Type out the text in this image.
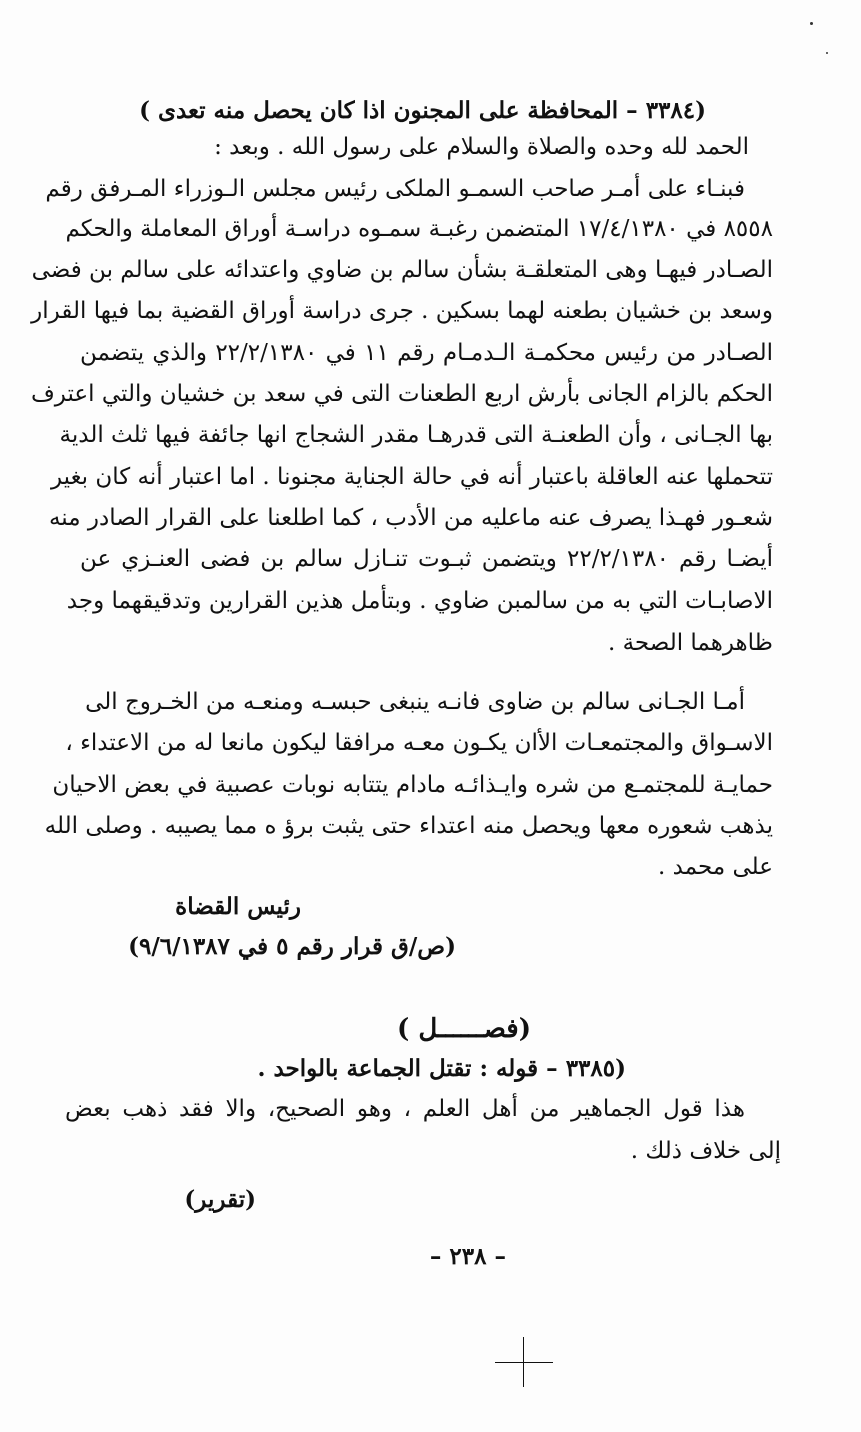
(٣٣٨٤ – المحافظة على المجنون اذا كان يحصل منه تعدى )
الحمد لله وحده والصلاة والسلام على رسول الله . وبعد :
فبنـاء على أمـر صاحب السمـو الملكى رئيس مجلس الـوزراء المـرفق رقم
٨٥٥٨ في ١٧/٤/١٣٨٠ المتضمن رغبـة سمـوه دراسـة أوراق المعاملة والحكم
الصـادر فيهـا وهى المتعلقـة بشأن سالم بن ضاوي واعتدائه على سالم بن فضى
وسعد بن خشيان بطعنه لهما بسكين . جرى دراسة أوراق القضية بما فيها القرار
الصـادر من رئيس محكمـة الـدمـام رقم ١١ في ٢٢/٢/١٣٨٠ والذي يتضمن
الحكم بالزام الجانى بأرش اربع الطعنات التى في سعد بن خشيان والتي اعترف
بها الجـانى ، وأن الطعنـة التى قدرهـا مقدر الشجاج انها جائفة فيها ثلث الدية
تتحملها عنه العاقلة باعتبار أنه في حالة الجناية مجنونا . اما اعتبار أنه كان بغير
شعـور فهـذا يصرف عنه ماعليه من الأدب ، كما اطلعنا على القرار الصادر منه
أيضـا رقم ٢٢/٢/١٣٨٠ ويتضمن ثبـوت تنـازل سالم بن فضى العنـزي عن
الاصابـات التي به من سالمبن ضاوي . وبتأمل هذين القرارين وتدقيقهما وجد
ظاهرهما الصحة .
أمـا الجـانى سالم بن ضاوى فانـه ينبغى حبسـه ومنعـه من الخـروج الى
الاسـواق والمجتمعـات الأان يكـون معـه مرافقا ليكون مانعا له من الاعتداء ،
حمايـة للمجتمـع من شره وايـذائـه مادام يتتابه نوبات عصبية في بعض الاحيان
يذهب شعوره معها ويحصل منه اعتداء حتى يثبت برؤ ه مما يصيبه . وصلى الله
على محمد .
رئيس القضاة
(ص/ق قرار رقم ٥ في ٩/٦/١٣٨٧)
(فصــــــل )
(٣٣٨٥ – قوله : تقتل الجماعة بالواحد .
هذا قول الجماهير من أهل العلم ، وهو الصحيح، والا فقد ذهب بعض
إلى خلاف ذلك .
(تقرير)
– ٢٣٨ –
